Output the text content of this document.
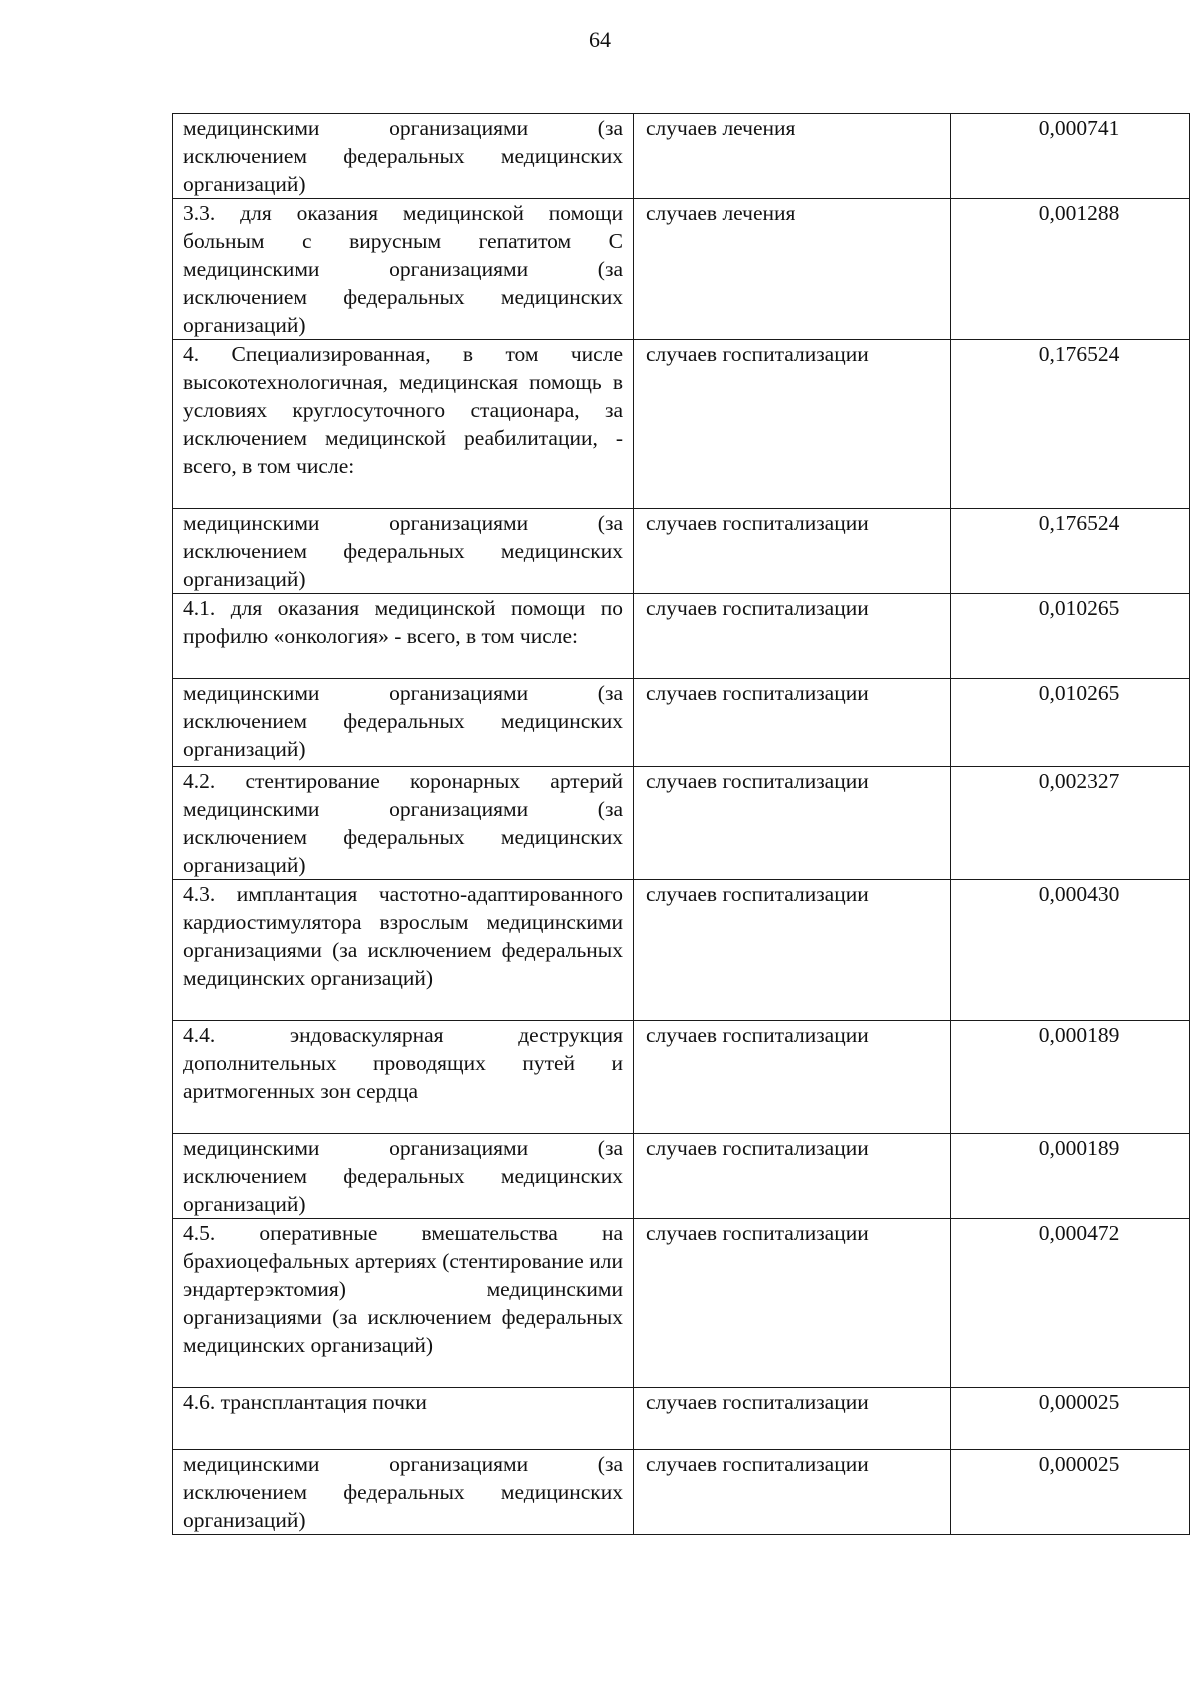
64
медицинскими организациями (за исключением федеральных медицинских организаций)	случаев лечения	0,000741
3.3. для оказания медицинской помощи больным с вирусным гепатитом С медицинскими организациями (за исключением федеральных медицинских организаций)	случаев лечения	0,001288
4. Специализированная, в том числе высокотехнологичная, медицинская помощь в условиях круглосуточного стационара, за исключением медицинской реабилитации, - всего, в том числе:	случаев госпитализации	0,176524
медицинскими организациями (за исключением федеральных медицинских организаций)	случаев госпитализации	0,176524
4.1. для оказания медицинской помощи по профилю «онкология» - всего, в том числе:	случаев госпитализации	0,010265
медицинскими организациями (за исключением федеральных медицинских организаций)	случаев госпитализации	0,010265
4.2. стентирование коронарных артерий медицинскими организациями (за исключением федеральных медицинских организаций)	случаев госпитализации	0,002327
4.3. имплантация частотно-адаптированного кардиостимулятора взрослым медицинскими организациями (за исключением федеральных медицинских организаций)	случаев госпитализации	0,000430
4.4. эндоваскулярная деструкция дополнительных проводящих путей и аритмогенных зон сердца	случаев госпитализации	0,000189
медицинскими организациями (за исключением федеральных медицинских организаций)	случаев госпитализации	0,000189
4.5. оперативные вмешательства на брахиоцефальных артериях (стентирование или эндартерэктомия) медицинскими организациями (за исключением федеральных медицинских организаций)	случаев госпитализации	0,000472
4.6. трансплантация почки	случаев госпитализации	0,000025
медицинскими организациями (за исключением федеральных медицинских организаций)	случаев госпитализации	0,000025
